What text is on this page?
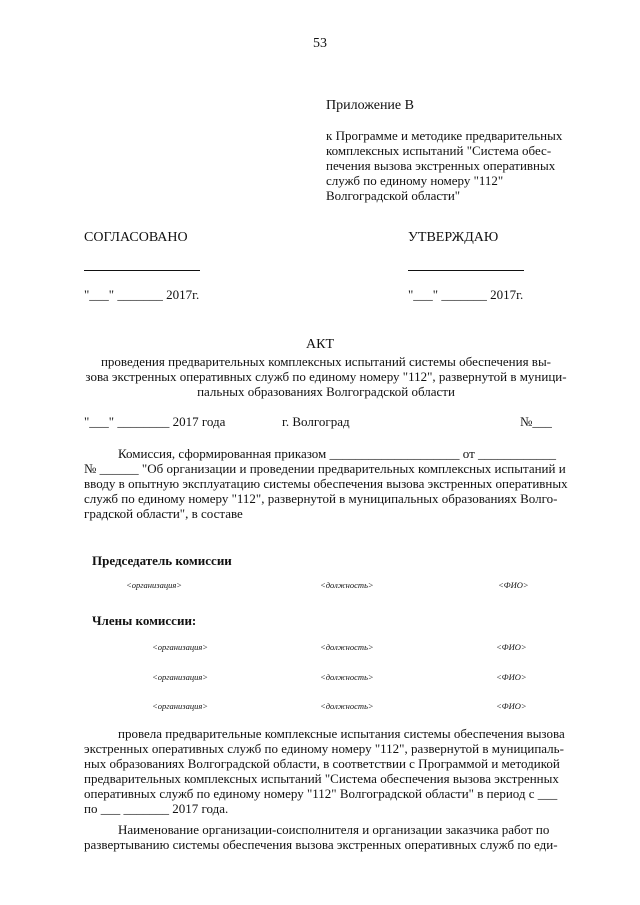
53
Приложение В
к Программе и методике предварительных
комплексных испытаний "Система обес-
печения вызова экстренных оперативных
служб по единому номеру "112"
Волгоградской области"
СОГЛАСОВАНО	УТВЕРЖДАЮ
"___" _______ 2017г.	"___" _______ 2017г.
АКТ
проведения предварительных комплексных испытаний системы обеспечения вы-
зова экстренных оперативных служб по единому номеру "112", развернутой в муници-
пальных образованиях Волгоградской области
"___" ________ 2017 года	г. Волгоград	№___
Комиссия, сформированная приказом ____________________ от ____________
№ ______ "Об организации и проведении предварительных комплексных испытаний и
вводу в опытную эксплуатацию системы обеспечения вызова экстренных оперативных
служб по единому номеру "112", развернутой в муниципальных образованиях Волго-
градской области", в составе
Председатель комиссии
<организация>	<должность>	<ФИО>
Члены комиссии:
<организация>	<должность>	<ФИО>
<организация>	<должность>	<ФИО>
<организация>	<должность>	<ФИО>
провела предварительные комплексные испытания системы обеспечения вызова
экстренных оперативных служб по единому номеру "112", развернутой в муниципаль-
ных образованиях Волгоградской области, в соответствии с Программой и методикой
предварительных комплексных испытаний "Система обеспечения вызова экстренных
оперативных служб по единому номеру "112" Волгоградской области" в период с ___
по ___ _______ 2017 года.
Наименование организации-соисполнителя и организации заказчика работ по
развертыванию системы обеспечения вызова экстренных оперативных служб по еди-
